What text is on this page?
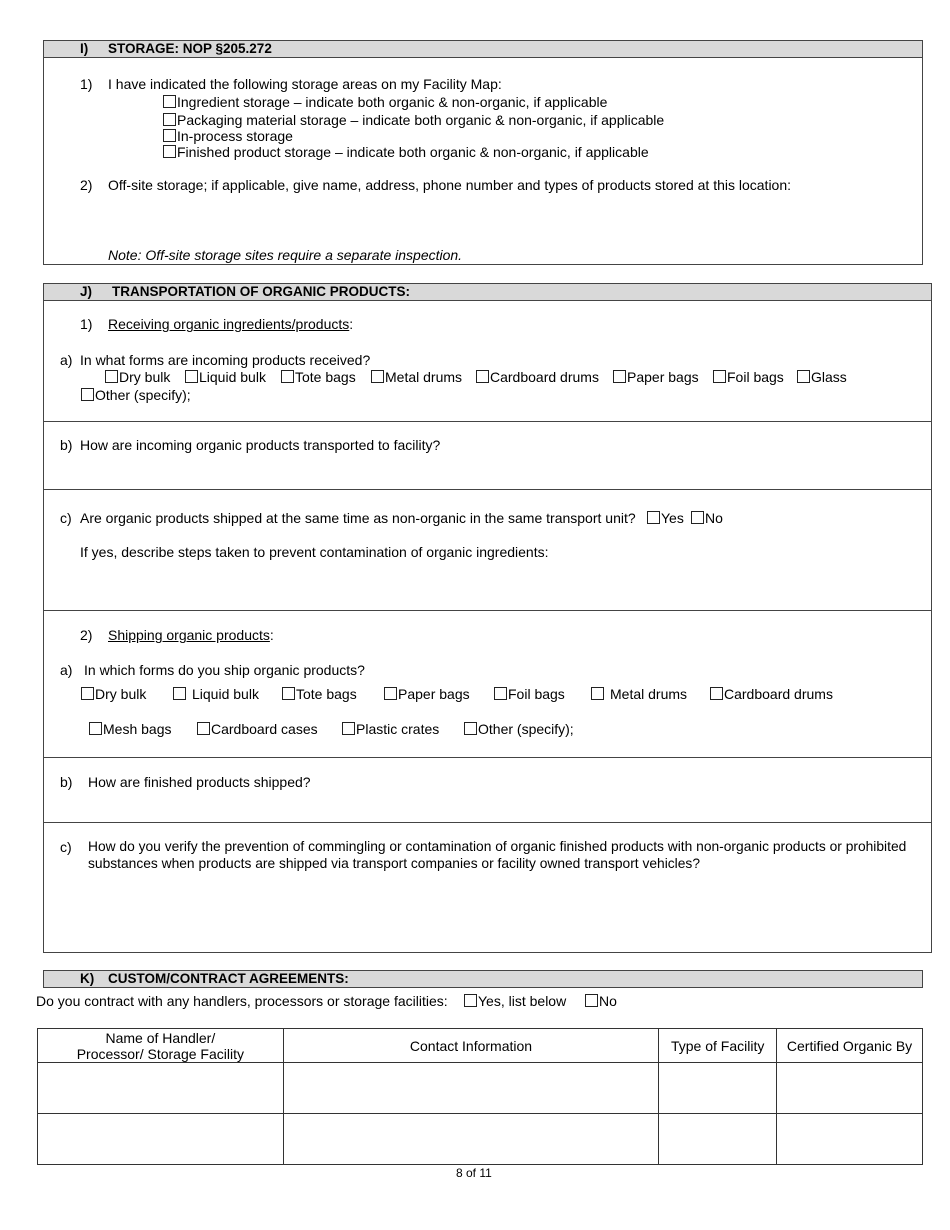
I) STORAGE: NOP §205.272
1) I have indicated the following storage areas on my Facility Map:
Ingredient storage – indicate both organic & non-organic, if applicable
Packaging material storage – indicate both organic & non-organic, if applicable
In-process storage
Finished product storage – indicate both organic & non-organic, if applicable
2) Off-site storage; if applicable, give name, address, phone number and types of products stored at this location:
Note: Off-site storage sites require a separate inspection.
J) TRANSPORTATION OF ORGANIC PRODUCTS:
1) Receiving organic ingredients/products:
a) In what forms are incoming products received?
Dry bulk	Liquid bulk	Tote bags	Metal drums	Cardboard drums	Paper bags	Foil bags	Glass
Other (specify);
b) How are incoming organic products transported to facility?
c) Are organic products shipped at the same time as non-organic in the same transport unit?	Yes	No
If yes, describe steps taken to prevent contamination of organic ingredients:
2) Shipping organic products:
a) In which forms do you ship organic products?
Dry bulk	Liquid bulk	Tote bags	Paper bags	Foil bags	Metal drums	Cardboard drums
Mesh bags	Cardboard cases	Plastic crates	Other (specify);
b) How are finished products shipped?
c) How do you verify the prevention of commingling or contamination of organic finished products with non-organic products or prohibited
substances when products are shipped via transport companies or facility owned transport vehicles?
K) CUSTOM/CONTRACT AGREEMENTS:
Do you contract with any handlers, processors or storage facilities:	Yes, list below	No
Name of Handler/
Processor/ Storage Facility	Contact Information	Type of Facility	Certified Organic By

8 of 11
